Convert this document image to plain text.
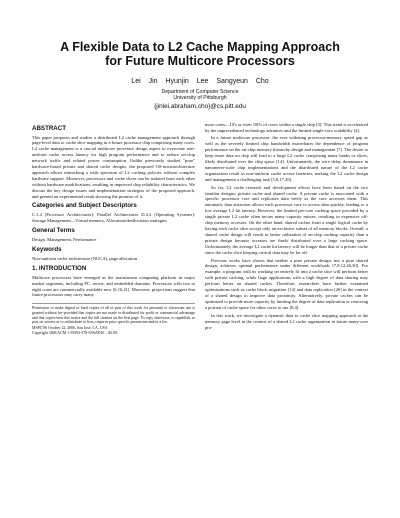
A Flexible Data to L2 Cache Mapping Approach
for Future Multicore Processors
Lei Jin Hyunjin Lee Sangyeun Cho
Department of Computer Science
University of Pittsburgh
{jinlei,abraham,cho}@cs.pitt.edu
ABSTRACT

This paper proposes and studies a distributed L2 cache management approach through page-level data to cache slice mapping in a future processor chip comprising many cores. L2 cache management is a crucial multicore processor design aspect to overcome non-uniform cache access latency for high program performance and to reduce on-chip network traffic and related power consumption. Unlike previously studied "pure" hardware-based private and shared cache designs, the proposed OS-microarchitecture approach allows mimicking a wide spectrum of L2 caching policies without complex hardware support. Moreover, processors and cache slices can be isolated from each other without hardware modifications, resulting in improved chip reliability characteristics. We discuss the key design issues and implementation strategies of the proposed approach, and present an experimental result showing the promise of it.

Categories and Subject Descriptors

C.1.4 [Processor Architectures]: Parallel Architectures D.4.2 [Operating Systems]: Storage Management—Virtual memory, Allocation/deallocation strategies

General Terms

Design, Management, Performance

Keywords

Non-uniform cache architecture (NUCA), page allocation

1. INTRODUCTION

Multicore processors have emerged as the mainstream computing platform in major market segments, including PC, server, and embedded domains. Processors with two to eight cores are commercially available now [6,16,21]. Moreover, projections suggest that future processors may carry many

Permission to make digital or hard copies of all or part of this work for personal or classroom use is granted without fee provided that copies are not made or distributed for profit or commercial advantage and that copies bear this notice and the full citation on the first page. To copy otherwise, to republish, to post on servers or to redistribute to lists, requires prior specific permission and/or a fee.
MSPC'06 October 22, 2006, San Jose, CA, USA
Copyright 2006 ACM 1-59593-578-9/06/0010 ...$5.00.

more cores—10's or even 100's of cores within a single chip [3]. This trend is accelerated by the unprecedented technology advances and the limited single-core scalability [4].

In a future multicore processor, the ever widening processor-memory speed gap as well as the severely limited chip bandwidth exacerbates the dependence of program performance on the on-chip memory hierarchy design and management [7]. The desire to keep more data on chip will lead to a large L2 cache comprising many banks or slices, likely distributed over the chip space [14]. Unfortunately, the wire delay dominance in nanometer-scale chip implementations and the distributed nature of the L2 cache organization result in non-uniform cache access latencies, making the L2 cache design and management a challenging task [5,8,17,26].

So far, L2 cache research and development efforts have been based on the two familiar designs: private cache and shared cache. A private cache is associated with a specific processor core and replicates data freely as the core accesses them. This automatic data attraction allows each processor core to access data quickly, leading to a low average L2 hit latency. However, the limited per-core caching space provided by a single private L2 cache often incurs many capacity misses, resulting in expensive off-chip memory accesses. On the other hand, shared caches form a single logical cache by having each cache slice accept only an exclusive subset of all memory blocks. Overall, a shared cache design will result in better utilization of on-chip caching capacity than a private design because accesses are finely distributed over a large caching space. Unfortunately, the average L2 cache hit latency will be longer than that of a private cache since the cache slice keeping critical data may be far off.

Previous works have shown that neither a pure private design, nor a pure shared design, achieves optimal performance under different workloads [7,8,12,26,30]. For example, a program with its working set entirely fit into a cache slice will perform better with private caching, while large applications with a high degree of data sharing may perform better on shared caches. Therefore, researchers have further examined optimizations such as cache block migration [14] and data replication [26] in the context of a shared design to improve data proximity. Alternatively, private caches can be optimized to provide more capacity by limiting the degree of data replication or reserving a portion of cache space for other cores to use [8,4].

In this work, we investigate a dynamic data to cache slice mapping approach at the memory page level in the context of a shared L2 cache organization in future many-core pro-
